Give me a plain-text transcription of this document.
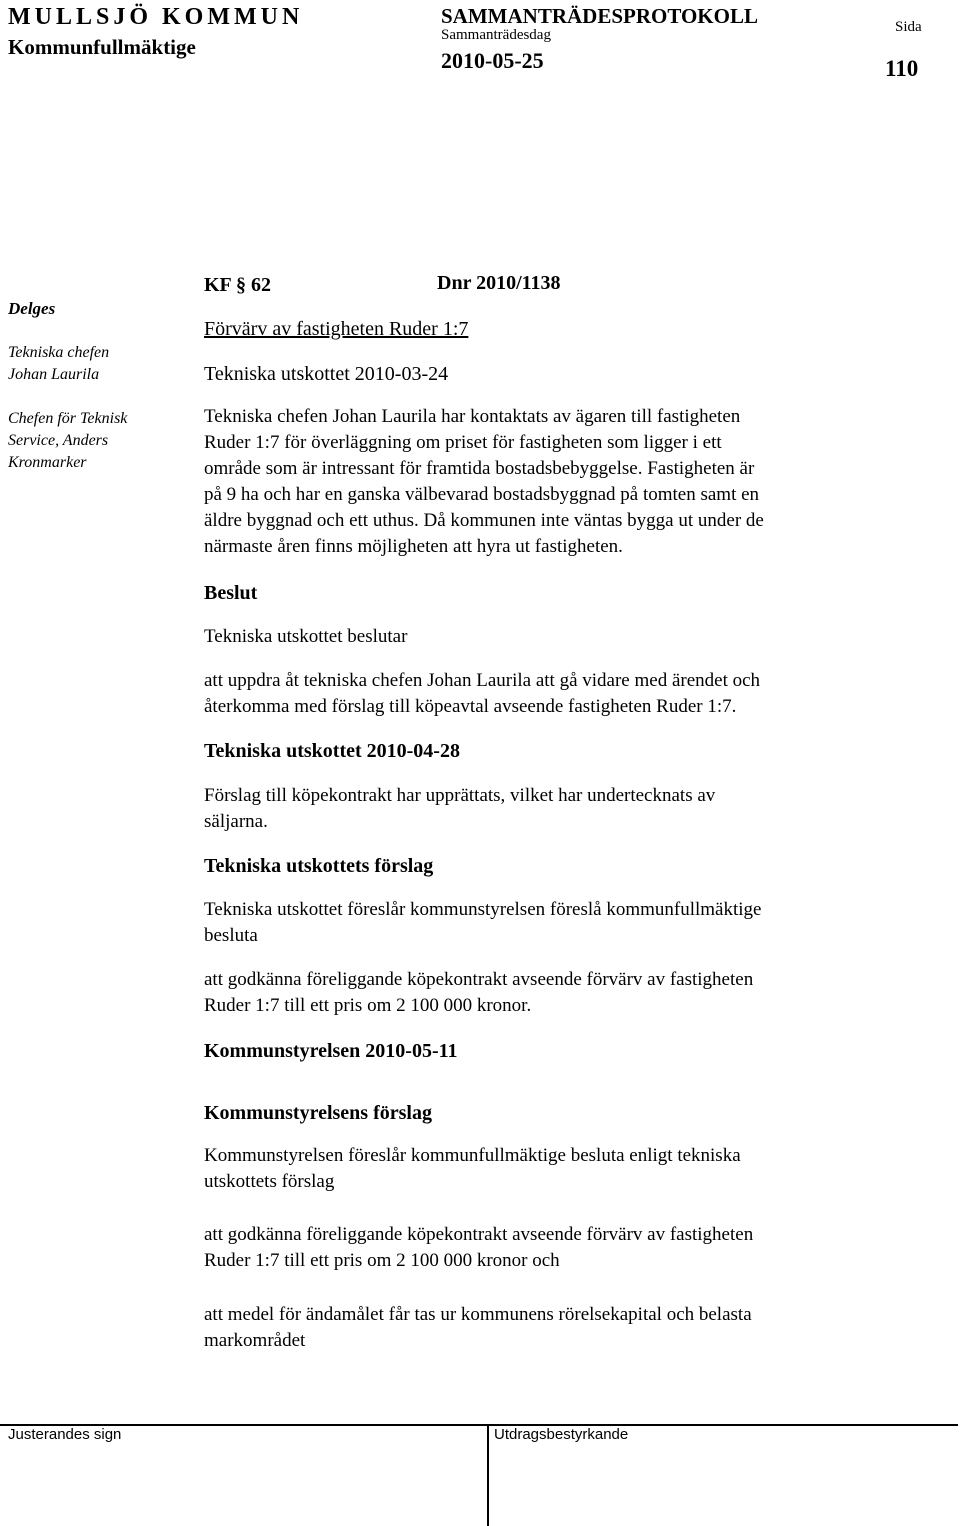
MULLSJÖ KOMMUN
Kommunfullmäktige
SAMMANTRÄDESPROTOKOLL
Sammanträdesdag
2010-05-25
Sida
110
Delges
Tekniska chefen
Johan Laurila
Chefen för Teknisk
Service, Anders
Kronmarker
KF § 62	Dnr 2010/1138
Förvärv av fastigheten Ruder 1:7
Tekniska utskottet 2010-03-24
Tekniska chefen Johan Laurila har kontaktats av ägaren till fastigheten
Ruder 1:7 för överläggning om priset för fastigheten som ligger i ett
område som är intressant för framtida bostadsbebyggelse. Fastigheten är
på 9 ha och har en ganska välbevarad bostadsbyggnad på tomten samt en
äldre byggnad och ett uthus. Då kommunen inte väntas bygga ut under de
närmaste åren finns möjligheten att hyra ut fastigheten.
Beslut
Tekniska utskottet beslutar
att uppdra åt tekniska chefen Johan Laurila att gå vidare med ärendet och
återkomma med förslag till köpeavtal avseende fastigheten Ruder 1:7.
Tekniska utskottet 2010-04-28
Förslag till köpekontrakt har upprättats, vilket har undertecknats av
säljarna.
Tekniska utskottets förslag
Tekniska utskottet föreslår kommunstyrelsen föreslå kommunfullmäktige
besluta
att godkänna föreliggande köpekontrakt avseende förvärv av fastigheten
Ruder 1:7 till ett pris om 2 100 000 kronor.
Kommunstyrelsen 2010-05-11
Kommunstyrelsens förslag
Kommunstyrelsen föreslår kommunfullmäktige besluta enligt tekniska
utskottets förslag
att godkänna föreliggande köpekontrakt avseende förvärv av fastigheten
Ruder 1:7 till ett pris om 2 100 000 kronor och
att medel för ändamålet får tas ur kommunens rörelsekapital och belasta
markområdet
Justerandes sign	Utdragsbestyrkande
